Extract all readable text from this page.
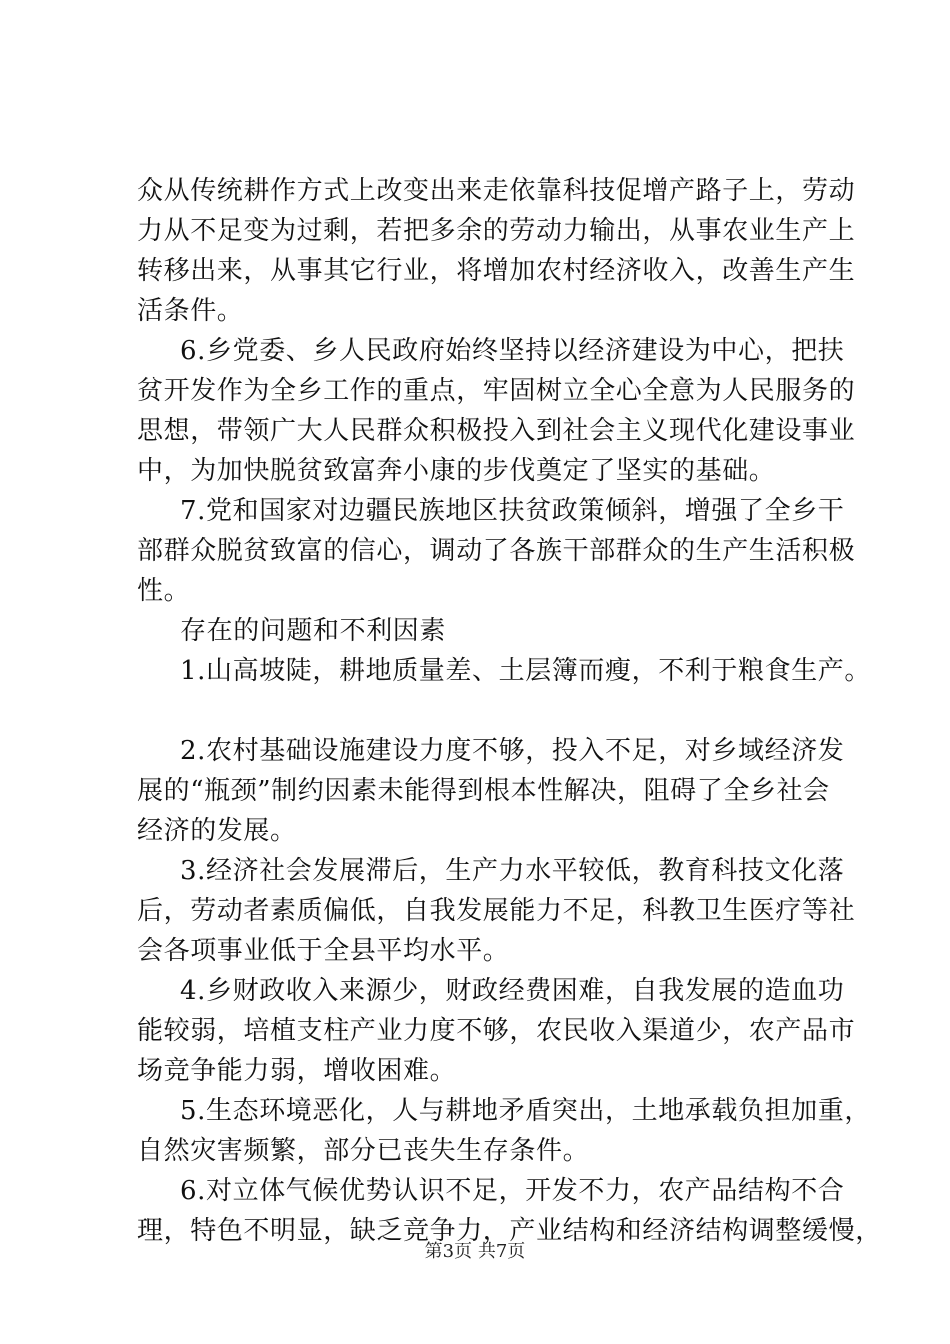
众从传统耕作方式上改变出来走依靠科技促增产路子上，劳动
力从不足变为过剩，若把多余的劳动力输出，从事农业生产上
转移出来，从事其它行业，将增加农村经济收入，改善生产生
活条件。
6.乡党委、乡人民政府始终坚持以经济建设为中心，把扶
贫开发作为全乡工作的重点，牢固树立全心全意为人民服务的
思想，带领广大人民群众积极投入到社会主义现代化建设事业
中，为加快脱贫致富奔小康的步伐奠定了坚实的基础。
7.党和国家对边疆民族地区扶贫政策倾斜，增强了全乡干
部群众脱贫致富的信心，调动了各族干部群众的生产生活积极
性。
存在的问题和不利因素
1.山高坡陡，耕地质量差、土层簿而瘦，不利于粮食生产。
2.农村基础设施建设力度不够，投入不足，对乡域经济发
展的“瓶颈”制约因素未能得到根本性解决，阻碍了全乡社会
经济的发展。
3.经济社会发展滞后，生产力水平较低，教育科技文化落
后，劳动者素质偏低，自我发展能力不足，科教卫生医疗等社
会各项事业低于全县平均水平。
4.乡财政收入来源少，财政经费困难，自我发展的造血功
能较弱，培植支柱产业力度不够，农民收入渠道少，农产品市
场竞争能力弱，增收困难。
5.生态环境恶化，人与耕地矛盾突出，土地承载负担加重，
自然灾害频繁，部分已丧失生存条件。
6.对立体气候优势认识不足，开发不力，农产品结构不合
理，特色不明显，缺乏竞争力，产业结构和经济结构调整缓慢，
第3页 共7页
